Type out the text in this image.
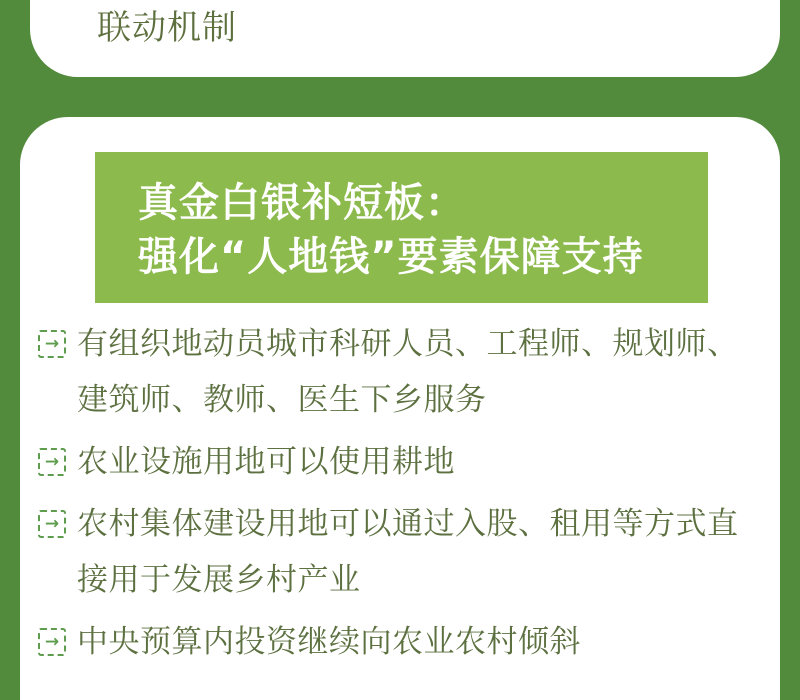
联动机制
真金白银补短板：
强化“人地钱”要素保障支持
→ 有组织地动员城市科研人员、工程师、规划师、
建筑师、教师、医生下乡服务
→ 农业设施用地可以使用耕地
→ 农村集体建设用地可以通过入股、租用等方式直
接用于发展乡村产业
→ 中央预算内投资继续向农业农村倾斜
